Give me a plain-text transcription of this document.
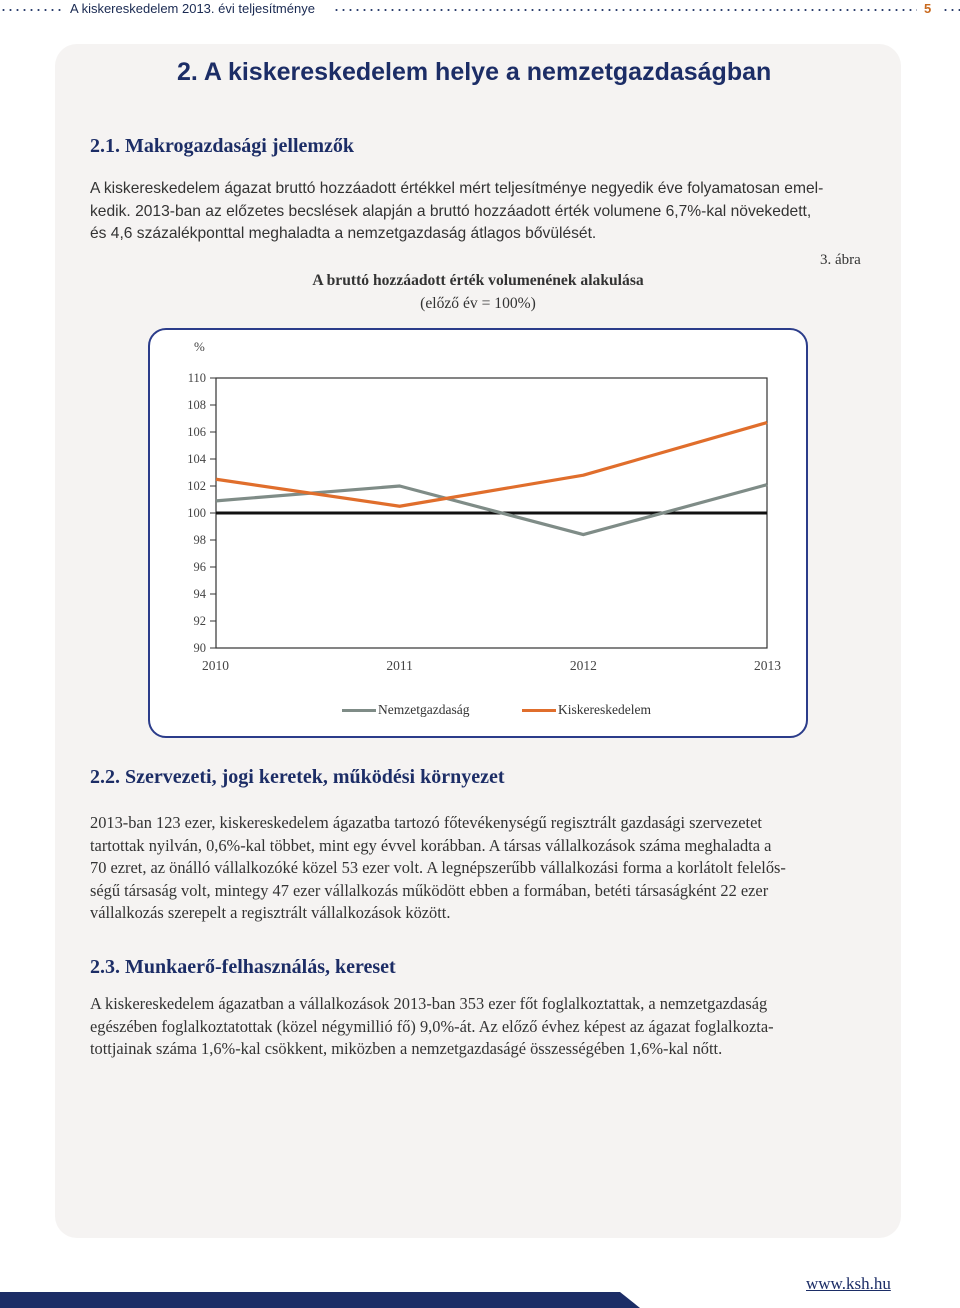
A kiskereskedelem 2013. évi teljesítménye	5
2. A kiskereskedelem helye a nemzetgazdaságban
2.1. Makrogazdasági jellemzők
A kiskereskedelem ágazat bruttó hozzáadott értékkel mért teljesítménye negyedik éve folyamatosan emel-
kedik. 2013-ban az előzetes becslések alapján a bruttó hozzáadott érték volumene 6,7%-kal növekedett,
és 4,6 százalékponttal meghaladta a nemzetgazdaság átlagos bővülését.
3. ábra
A bruttó hozzáadott érték volumenének alakulása
(előző év = 100%)
%
110
108
106
104
102
100
98
96
94
92
90
2010	2011	2012	2013
Nemzetgazdaság	Kiskereskedelem
2.2. Szervezeti, jogi keretek, működési környezet
2013-ban 123 ezer, kiskereskedelem ágazatba tartozó főtevékenységű regisztrált gazdasági szervezetet
tartottak nyilván, 0,6%-kal többet, mint egy évvel korábban. A társas vállalkozások száma meghaladta a
70 ezret, az önálló vállalkozóké közel 53 ezer volt. A legnépszerűbb vállalkozási forma a korlátolt felelős-
ségű társaság volt, mintegy 47 ezer vállalkozás működött ebben a formában, betéti társaságként 22 ezer
vállalkozás szerepelt a regisztrált vállalkozások között.
2.3. Munkaerő-felhasználás, kereset
A kiskereskedelem ágazatban a vállalkozások 2013-ban 353 ezer főt foglalkoztattak, a nemzetgazdaság
egészében foglalkoztatottak (közel négymillió fő) 9,0%-át. Az előző évhez képest az ágazat foglalkozta-
tottjainak száma 1,6%-kal csökkent, miközben a nemzetgazdaságé összességében 1,6%-kal nőtt.
www.ksh.hu
